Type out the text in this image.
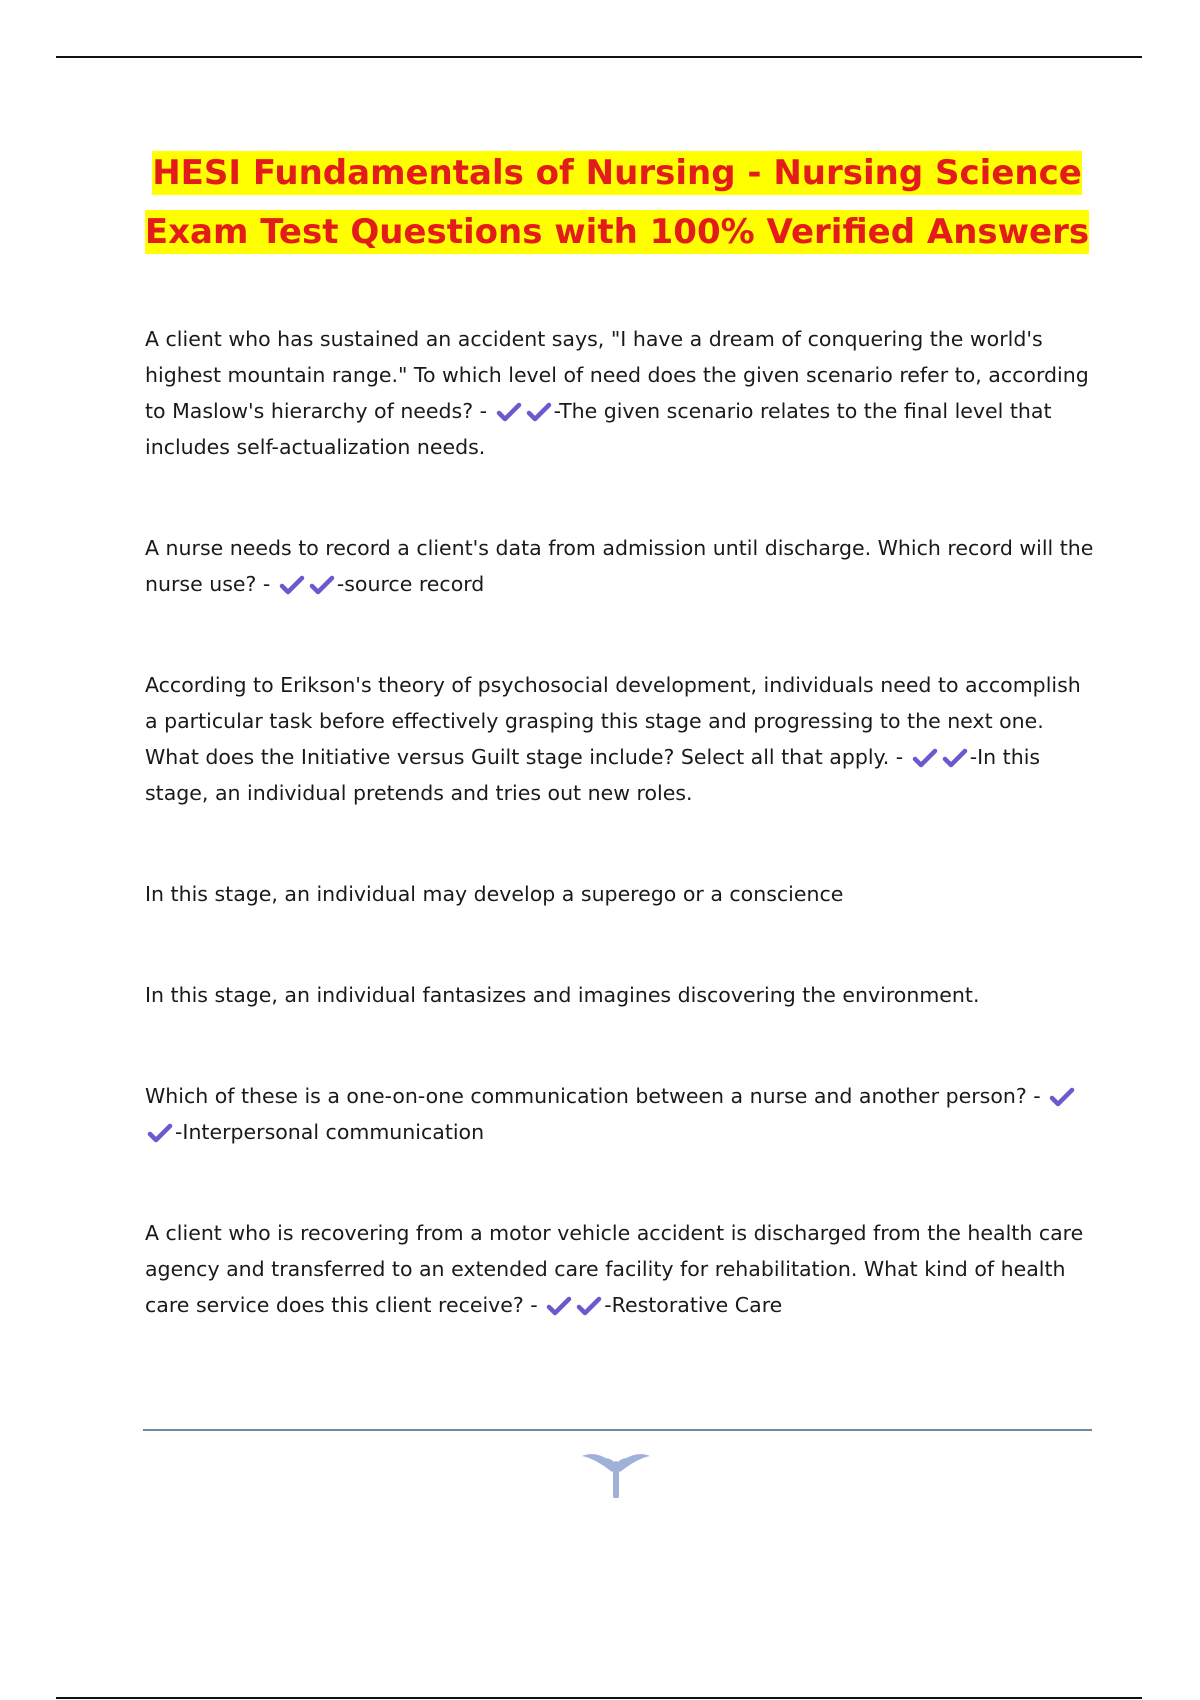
HESI Fundamentals of Nursing - Nursing Science
Exam Test Questions with 100% Verified Answers

A client who has sustained an accident says, "I have a dream of conquering the world's highest mountain range." To which level of need does the given scenario refer to, according to Maslow's hierarchy of needs? -	-The given scenario relates to the final level that includes self-actualization needs.

A nurse needs to record a client's data from admission until discharge. Which record will the nurse use? -	-source record

According to Erikson's theory of psychosocial development, individuals need to accomplish a particular task before effectively grasping this stage and progressing to the next one. What does the Initiative versus Guilt stage include? Select all that apply. -	-In this stage, an individual pretends and tries out new roles.

In this stage, an individual may develop a superego or a conscience

In this stage, an individual fantasizes and imagines discovering the environment.

Which of these is a one-on-one communication between a nurse and another person? -
-Interpersonal communication

A client who is recovering from a motor vehicle accident is discharged from the health care agency and transferred to an extended care facility for rehabilitation. What kind of health care service does this client receive? -	-Restorative Care
